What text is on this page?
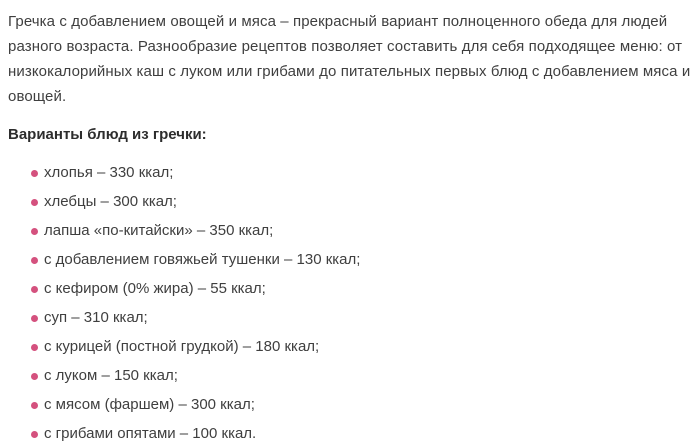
Гречка с добавлением овощей и мяса – прекрасный вариант полноценного обеда для людей разного возраста. Разнообразие рецептов позволяет составить для себя подходящее меню: от низкокалорийных каш с луком или грибами до питательных первых блюд с добавлением мяса и овощей.

Варианты блюд из гречки:
хлопья – 330 ккал;
хлебцы – 300 ккал;
лапша «по-китайски» – 350 ккал;
с добавлением говяжьей тушенки – 130 ккал;
с кефиром (0% жира) – 55 ккал;
суп – 310 ккал;
с курицей (постной грудкой) – 180 ккал;
с луком – 150 ккал;
с мясом (фаршем) – 300 ккал;
с грибами опятами – 100 ккал.
